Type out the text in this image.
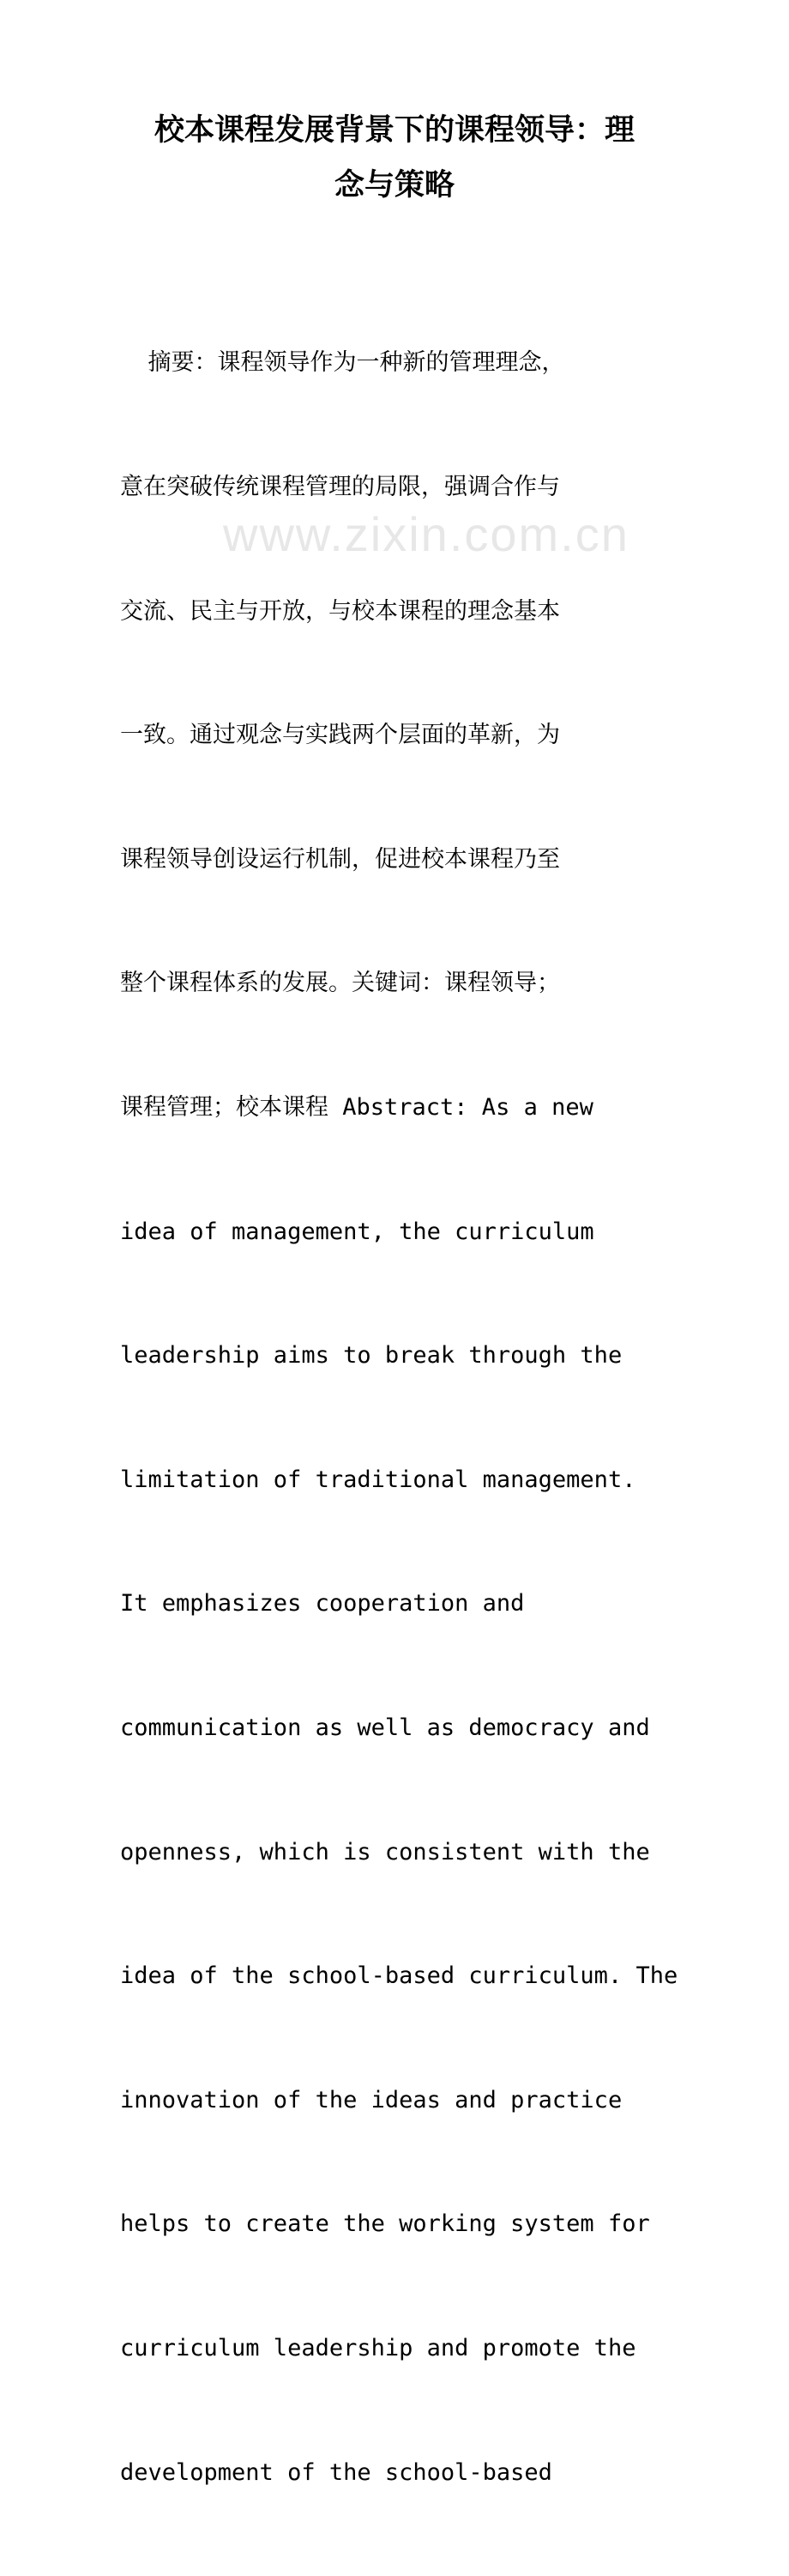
校本课程发展背景下的课程领导：理
念与策略

摘要：课程领导作为一种新的管理理念，

意在突破传统课程管理的局限，强调合作与

交流、民主与开放，与校本课程的理念基本

一致。通过观念与实践两个层面的革新，为

课程领导创设运行机制，促进校本课程乃至

整个课程体系的发展。关键词：课程领导；

课程管理；校本课程 Abstract: As a new

idea of management, the curriculum

leadership aims to break through the

limitation of traditional management.

It emphasizes cooperation and

communication as well as democracy and

openness, which is consistent with the

idea of the school-based curriculum. The

innovation of the ideas and practice

helps to create the working system for

curriculum leadership and promote the

development of the school-based

www.zixin.com.cn
